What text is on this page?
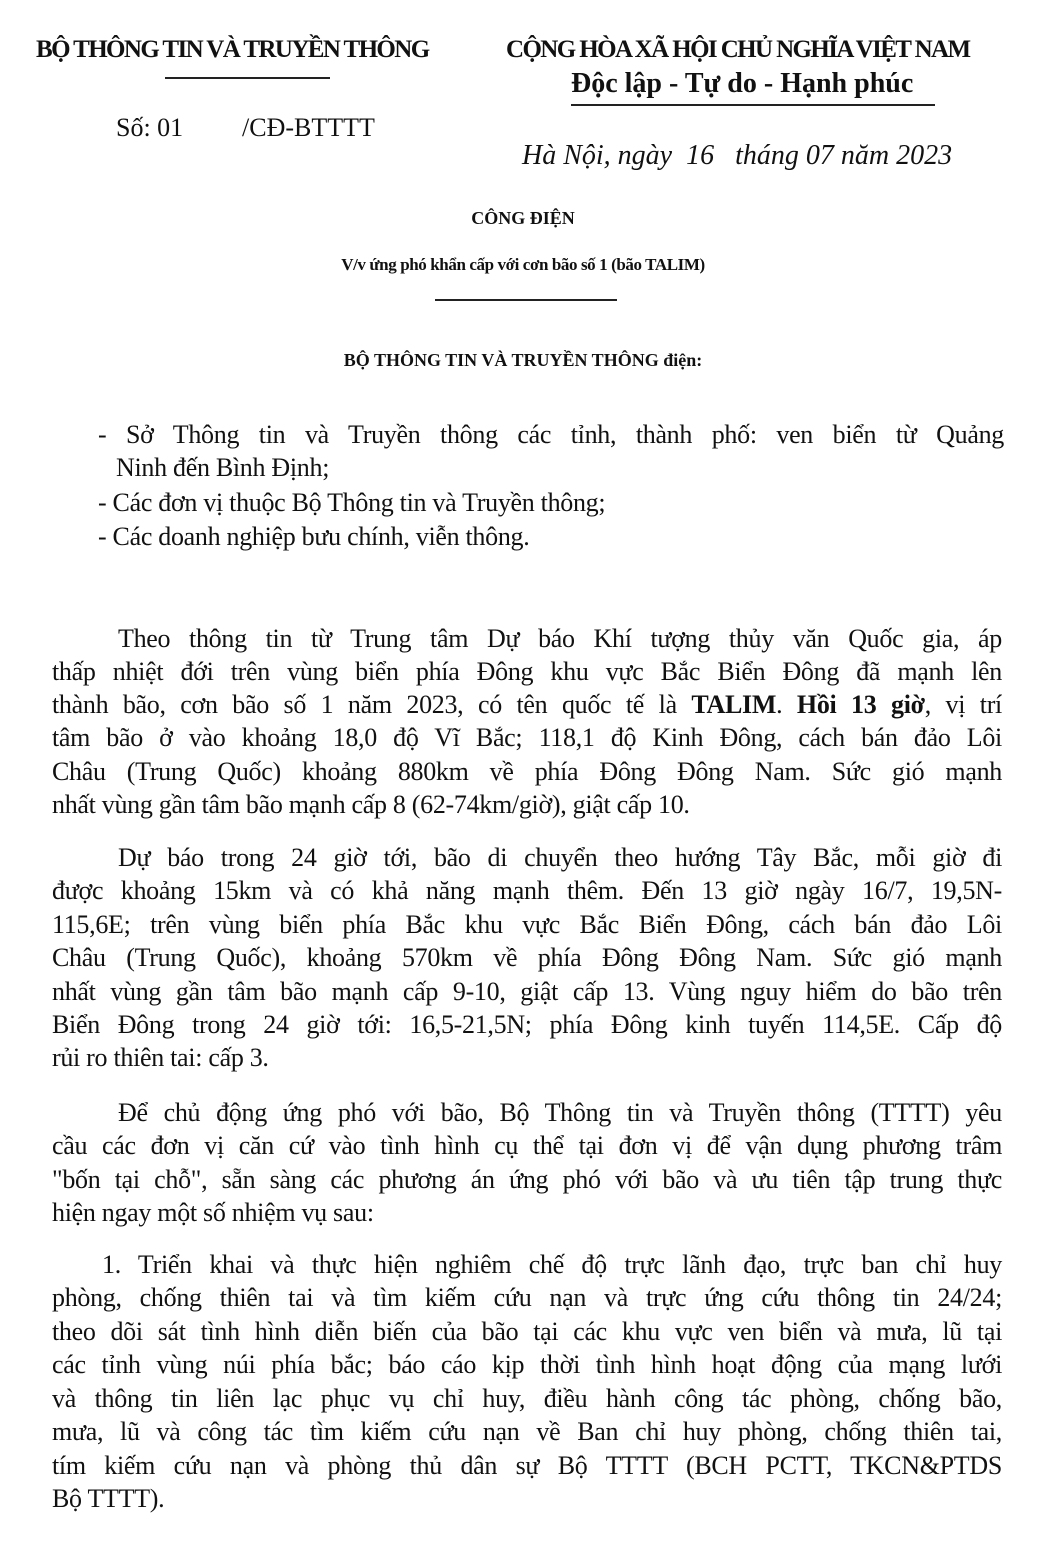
BỘ THÔNG TIN VÀ TRUYỀN THÔNG
Số: 01 /CĐ-BTTTT
CỘNG HÒA XÃ HỘI CHỦ NGHĨA VIỆT NAM
Độc lập - Tự do - Hạnh phúc
Hà Nội, ngày 16 tháng 07 năm 2023
CÔNG ĐIỆN
V/v ứng phó khẩn cấp với cơn bão số 1 (bão TALIM)
BỘ THÔNG TIN VÀ TRUYỀN THÔNG điện:
- Sở Thông tin và Truyền thông các tỉnh, thành phố: ven biển từ Quảng
Ninh đến Bình Định;
- Các đơn vị thuộc Bộ Thông tin và Truyền thông;
- Các doanh nghiệp bưu chính, viễn thông.
Theo thông tin từ Trung tâm Dự báo Khí tượng thủy văn Quốc gia, áp
thấp nhiệt đới trên vùng biển phía Đông khu vực Bắc Biển Đông đã mạnh lên
thành bão, cơn bão số 1 năm 2023, có tên quốc tế là TALIM. Hồi 13 giờ, vị trí
tâm bão ở vào khoảng 18,0 độ Vĩ Bắc; 118,1 độ Kinh Đông, cách bán đảo Lôi
Châu (Trung Quốc) khoảng 880km về phía Đông Đông Nam. Sức gió mạnh
nhất vùng gần tâm bão mạnh cấp 8 (62-74km/giờ), giật cấp 10.
Dự báo trong 24 giờ tới, bão di chuyển theo hướng Tây Bắc, mỗi giờ đi
được khoảng 15km và có khả năng mạnh thêm. Đến 13 giờ ngày 16/7, 19,5N-
115,6E; trên vùng biển phía Bắc khu vực Bắc Biển Đông, cách bán đảo Lôi
Châu (Trung Quốc), khoảng 570km về phía Đông Đông Nam. Sức gió mạnh
nhất vùng gần tâm bão mạnh cấp 9-10, giật cấp 13. Vùng nguy hiểm do bão trên
Biển Đông trong 24 giờ tới: 16,5-21,5N; phía Đông kinh tuyến 114,5E. Cấp độ
rủi ro thiên tai: cấp 3.
Để chủ động ứng phó với bão, Bộ Thông tin và Truyền thông (TTTT) yêu
cầu các đơn vị căn cứ vào tình hình cụ thể tại đơn vị để vận dụng phương trâm
"bốn tại chỗ", sẵn sàng các phương án ứng phó với bão và ưu tiên tập trung thực
hiện ngay một số nhiệm vụ sau:
1. Triển khai và thực hiện nghiêm chế độ trực lãnh đạo, trực ban chỉ huy
phòng, chống thiên tai và tìm kiếm cứu nạn và trực ứng cứu thông tin 24/24;
theo dõi sát tình hình diễn biến của bão tại các khu vực ven biển và mưa, lũ tại
các tỉnh vùng núi phía bắc; báo cáo kịp thời tình hình hoạt động của mạng lưới
và thông tin liên lạc phục vụ chỉ huy, điều hành công tác phòng, chống bão,
mưa, lũ và công tác tìm kiếm cứu nạn về Ban chỉ huy phòng, chống thiên tai,
tím kiếm cứu nạn và phòng thủ dân sự Bộ TTTT (BCH PCTT, TKCN&PTDS
Bộ TTTT).
